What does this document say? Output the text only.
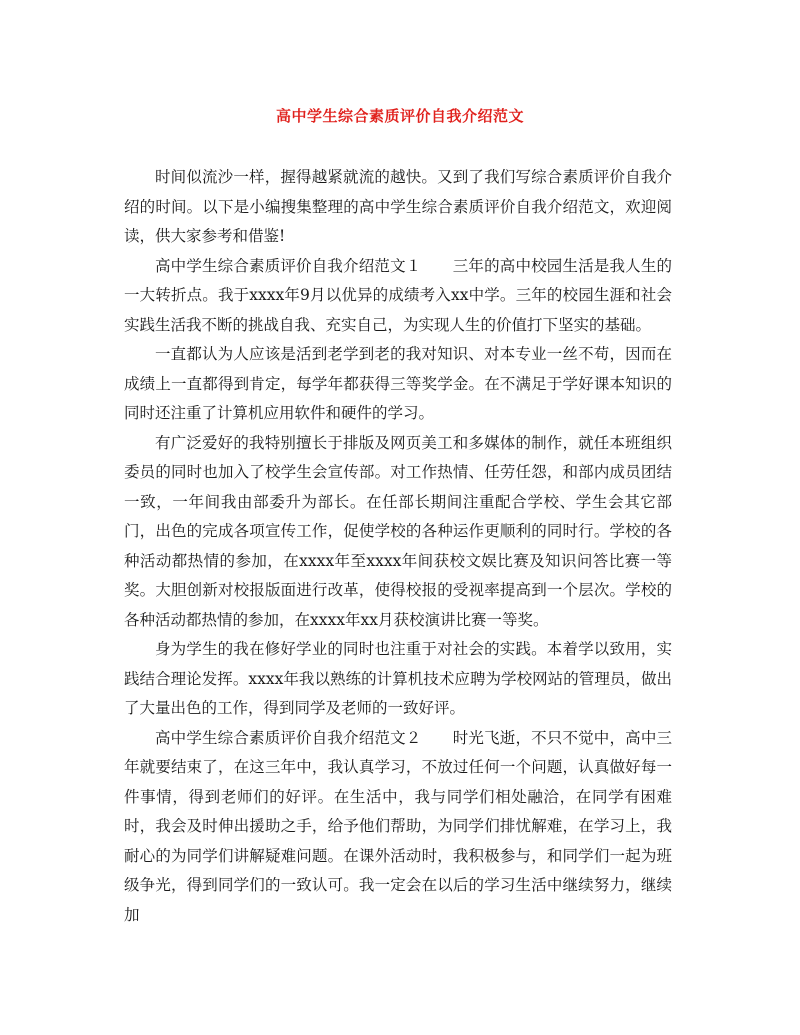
高中学生综合素质评价自我介绍范文

时间似流沙一样，握得越紧就流的越快。又到了我们写综合素质评价自我介绍的时间。以下是小编搜集整理的高中学生综合素质评价自我介绍范文，欢迎阅读，供大家参考和借鉴!

高中学生综合素质评价自我介绍范文１　　三年的高中校园生活是我人生的一大转折点。我于xxxx年9月以优异的成绩考入xx中学。三年的校园生涯和社会实践生活我不断的挑战自我、充实自己，为实现人生的价值打下坚实的基础。

一直都认为人应该是活到老学到老的我对知识、对本专业一丝不苟，因而在成绩上一直都得到肯定，每学年都获得三等奖学金。在不满足于学好课本知识的同时还注重了计算机应用软件和硬件的学习。

有广泛爱好的我特别擅长于排版及网页美工和多媒体的制作，就任本班组织委员的同时也加入了校学生会宣传部。对工作热情、任劳任怨，和部内成员团结一致，一年间我由部委升为部长。在任部长期间注重配合学校、学生会其它部门，出色的完成各项宣传工作，促使学校的各种运作更顺利的同时行。学校的各种活动都热情的参加，在xxxx年至xxxx年间获校文娱比赛及知识问答比赛一等奖。大胆创新对校报版面进行改革，使得校报的受视率提高到一个层次。学校的各种活动都热情的参加，在xxxx年xx月获校演讲比赛一等奖。

身为学生的我在修好学业的同时也注重于对社会的实践。本着学以致用，实践结合理论发挥。xxxx年我以熟练的计算机技术应聘为学校网站的管理员，做出了大量出色的工作，得到同学及老师的一致好评。

高中学生综合素质评价自我介绍范文２　　时光飞逝，不只不觉中，高中三年就要结束了，在这三年中，我认真学习，不放过任何一个问题，认真做好每一件事情，得到老师们的好评。在生活中，我与同学们相处融洽，在同学有困难时，我会及时伸出援助之手，给予他们帮助，为同学们排忧解难，在学习上，我耐心的为同学们讲解疑难问题。在课外活动时，我积极参与，和同学们一起为班级争光，得到同学们的一致认可。我一定会在以后的学习生活中继续努力，继续加
